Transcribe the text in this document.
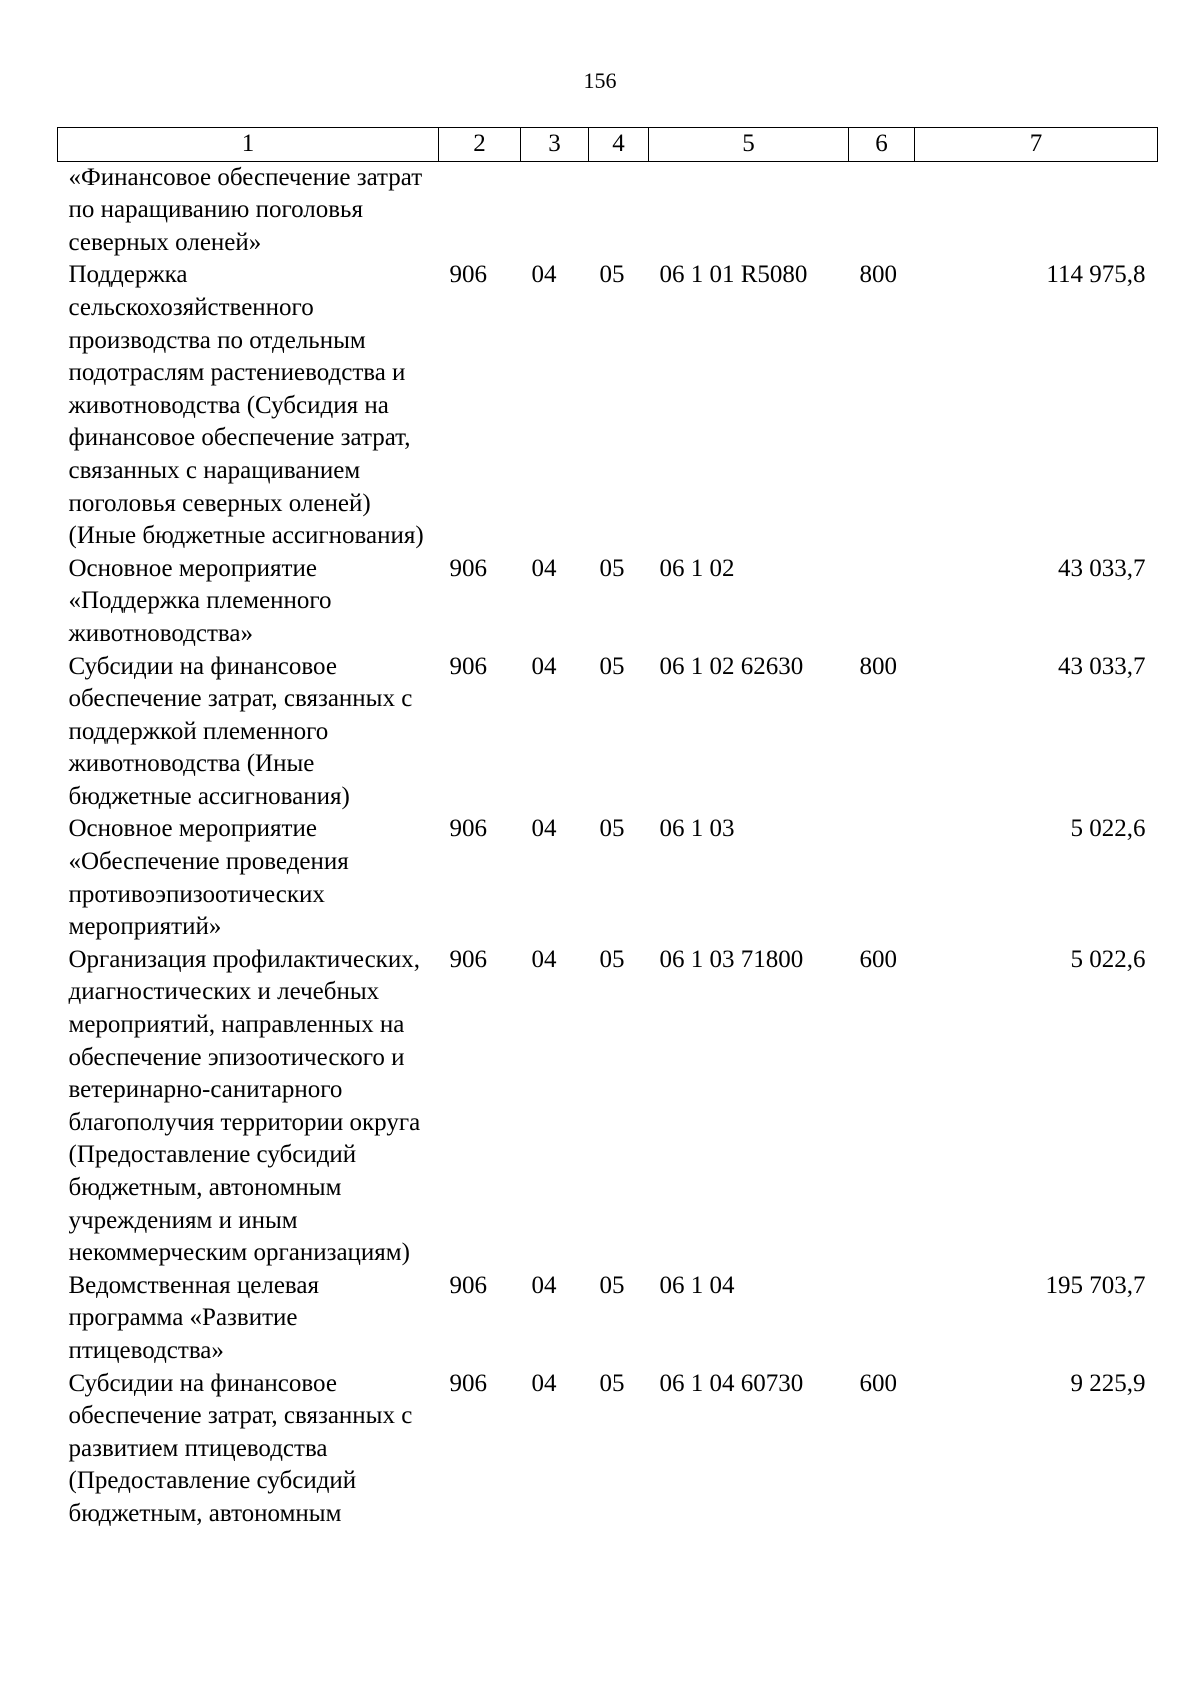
156
1	2	3	4	5	6	7
«Финансовое обеспечение затрат по наращиванию поголовья северных оленей»						
Поддержка сельскохозяйственного производства по отдельным подотраслям растениеводства и животноводства (Субсидия на финансовое обеспечение затрат, связанных с наращиванием поголовья северных оленей) (Иные бюджетные ассигнования)	906	04	05	06 1 01 R5080	800	114 975,8
Основное мероприятие «Поддержка племенного животноводства»	906	04	05	06 1 02		43 033,7
Субсидии на финансовое обеспечение затрат, связанных с поддержкой племенного животноводства (Иные бюджетные ассигнования)	906	04	05	06 1 02 62630	800	43 033,7
Основное мероприятие «Обеспечение проведения противоэпизоотических мероприятий»	906	04	05	06 1 03		5 022,6
Организация профилактических, диагностических и лечебных мероприятий, направленных на обеспечение эпизоотического и ветеринарно-санитарного благополучия территории округа (Предоставление субсидий бюджетным, автономным учреждениям и иным некоммерческим организациям)	906	04	05	06 1 03 71800	600	5 022,6
Ведомственная целевая программа «Развитие птицеводства»	906	04	05	06 1 04		195 703,7
Субсидии на финансовое обеспечение затрат, связанных с развитием птицеводства (Предоставление субсидий бюджетным, автономным	906	04	05	06 1 04 60730	600	9 225,9
